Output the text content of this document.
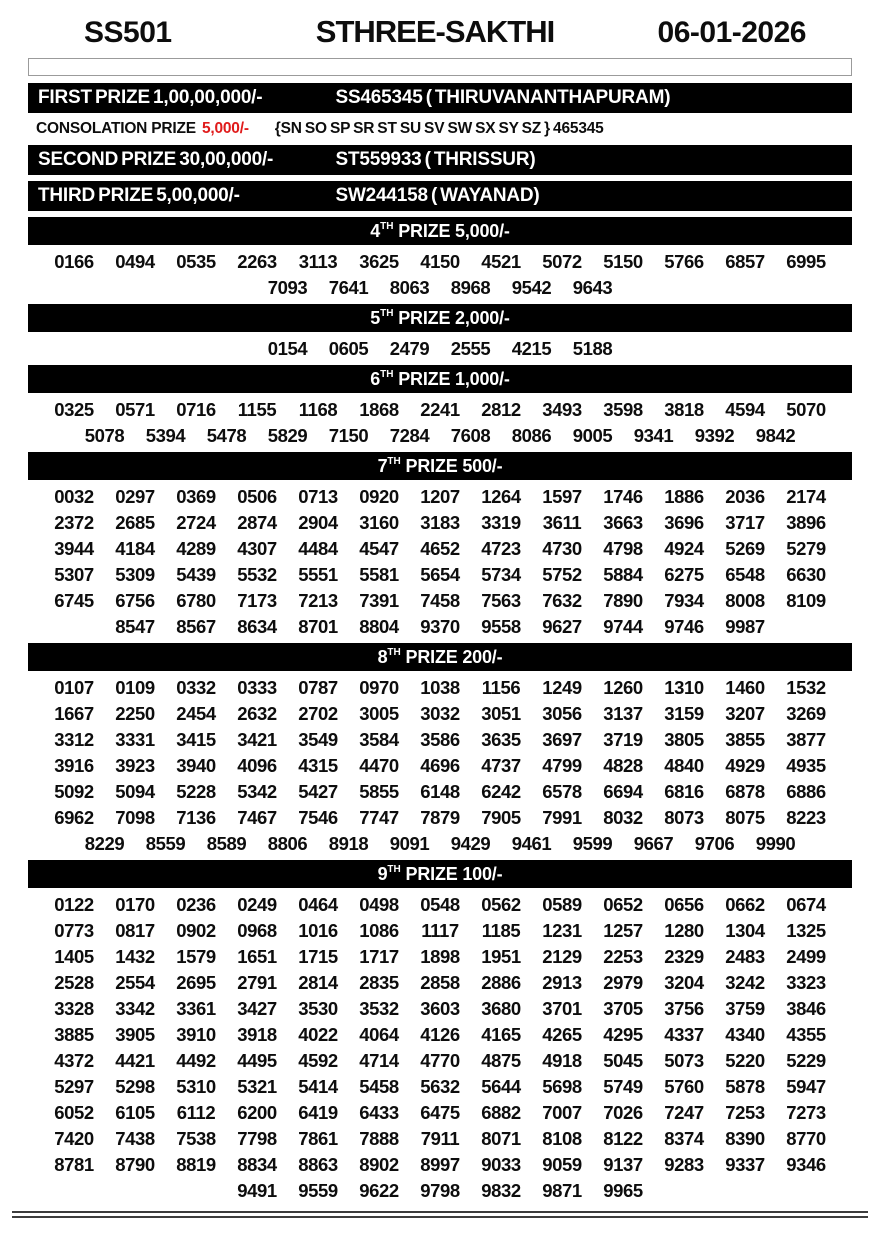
SS501	STHREE-SAKTHI	06-01-2026
FIRST PRIZE 1,00,00,000/-	SS465345 ( THIRUVANANTHAPURAM)
CONSOLATION PRIZE 5,000/- {SN SO SP SR ST SU SV SW SX SY SZ } 465345
SECOND PRIZE 30,00,000/-	ST559933 ( THRISSUR)
THIRD PRIZE 5,00,000/-	SW244158 ( WAYANAD)
4TH PRIZE 5,000/-
0166	0494	0535	2263	3113	3625	4150	4521	5072	5150	5766	6857	6995
7093	7641	8063	8968	9542	9643
5TH PRIZE 2,000/-
0154	0605	2479	2555	4215	5188
6TH PRIZE 1,000/-
0325	0571	0716	1155	1168	1868	2241	2812	3493	3598	3818	4594	5070
5078	5394	5478	5829	7150	7284	7608	8086	9005	9341	9392	9842
7TH PRIZE 500/-
0032	0297	0369	0506	0713	0920	1207	1264	1597	1746	1886	2036	2174
2372	2685	2724	2874	2904	3160	3183	3319	3611	3663	3696	3717	3896
3944	4184	4289	4307	4484	4547	4652	4723	4730	4798	4924	5269	5279
5307	5309	5439	5532	5551	5581	5654	5734	5752	5884	6275	6548	6630
6745	6756	6780	7173	7213	7391	7458	7563	7632	7890	7934	8008	8109
8547	8567	8634	8701	8804	9370	9558	9627	9744	9746	9987
8TH PRIZE 200/-
0107	0109	0332	0333	0787	0970	1038	1156	1249	1260	1310	1460	1532
1667	2250	2454	2632	2702	3005	3032	3051	3056	3137	3159	3207	3269
3312	3331	3415	3421	3549	3584	3586	3635	3697	3719	3805	3855	3877
3916	3923	3940	4096	4315	4470	4696	4737	4799	4828	4840	4929	4935
5092	5094	5228	5342	5427	5855	6148	6242	6578	6694	6816	6878	6886
6962	7098	7136	7467	7546	7747	7879	7905	7991	8032	8073	8075	8223
8229	8559	8589	8806	8918	9091	9429	9461	9599	9667	9706	9990
9TH PRIZE 100/-
0122	0170	0236	0249	0464	0498	0548	0562	0589	0652	0656	0662	0674
0773	0817	0902	0968	1016	1086	1117	1185	1231	1257	1280	1304	1325
1405	1432	1579	1651	1715	1717	1898	1951	2129	2253	2329	2483	2499
2528	2554	2695	2791	2814	2835	2858	2886	2913	2979	3204	3242	3323
3328	3342	3361	3427	3530	3532	3603	3680	3701	3705	3756	3759	3846
3885	3905	3910	3918	4022	4064	4126	4165	4265	4295	4337	4340	4355
4372	4421	4492	4495	4592	4714	4770	4875	4918	5045	5073	5220	5229
5297	5298	5310	5321	5414	5458	5632	5644	5698	5749	5760	5878	5947
6052	6105	6112	6200	6419	6433	6475	6882	7007	7026	7247	7253	7273
7420	7438	7538	7798	7861	7888	7911	8071	8108	8122	8374	8390	8770
8781	8790	8819	8834	8863	8902	8997	9033	9059	9137	9283	9337	9346
9491	9559	9622	9798	9832	9871	9965
